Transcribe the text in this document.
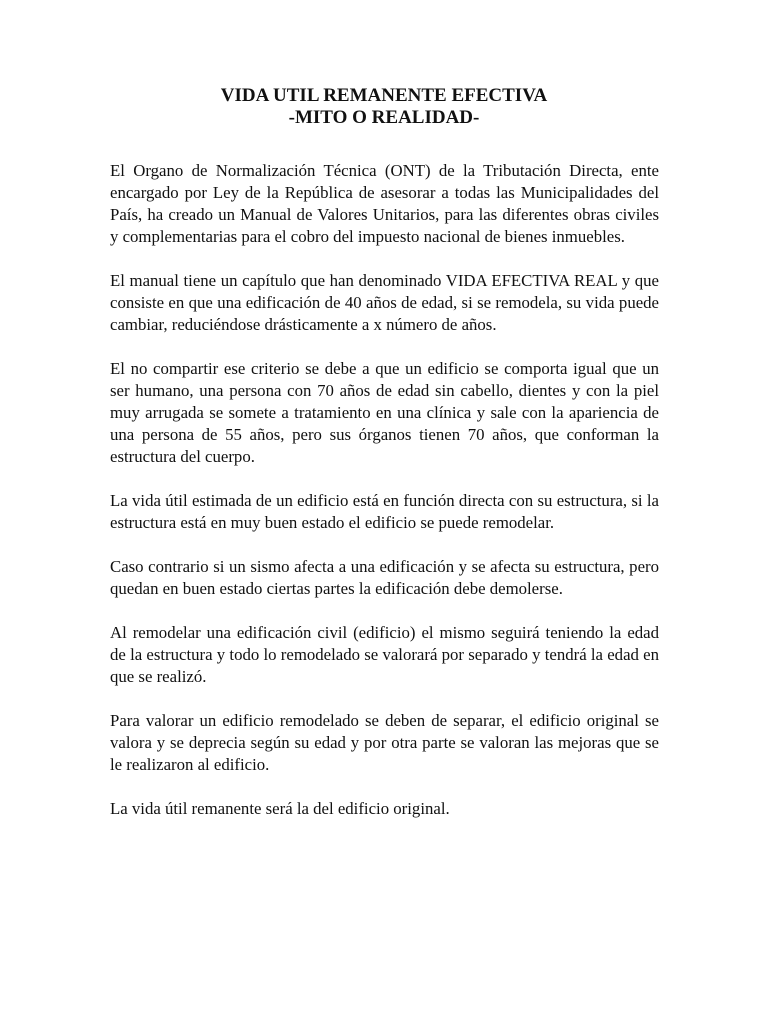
VIDA UTIL REMANENTE EFECTIVA

-MITO O REALIDAD-

El Organo de Normalización Técnica (ONT) de la Tributación Directa, ente encargado por Ley de la República de asesorar a todas las Municipalidades del País, ha creado un Manual de Valores Unitarios, para las diferentes obras civiles y complementarias para el cobro del impuesto nacional de bienes inmuebles.

El manual tiene un capítulo que han denominado VIDA EFECTIVA REAL y que consiste en que una edificación de 40 años de edad, si se remodela, su vida puede cambiar, reduciéndose drásticamente a x número de años.

El no compartir ese criterio se debe a que un edificio se comporta igual que un ser humano, una persona con 70 años de edad sin cabello, dientes y con la piel muy arrugada se somete a tratamiento en una clínica y sale con la apariencia de una persona de 55 años, pero sus órganos tienen 70 años, que conforman la estructura del cuerpo.

La vida útil estimada de un edificio está en función directa con su estructura, si la estructura está en muy buen estado el edificio se puede remodelar.

Caso contrario si un sismo afecta a una edificación y se afecta su estructura, pero quedan en buen estado ciertas partes la edificación debe demolerse.

Al remodelar una edificación civil (edificio) el mismo seguirá teniendo la edad de la estructura y todo lo remodelado se valorará por separado y tendrá la edad en que se realizó.

Para valorar un edificio remodelado se deben de separar, el edificio original se valora y se deprecia según su edad y por otra parte se valoran las mejoras que se le realizaron al edificio.

La vida útil remanente será la del edificio original.
